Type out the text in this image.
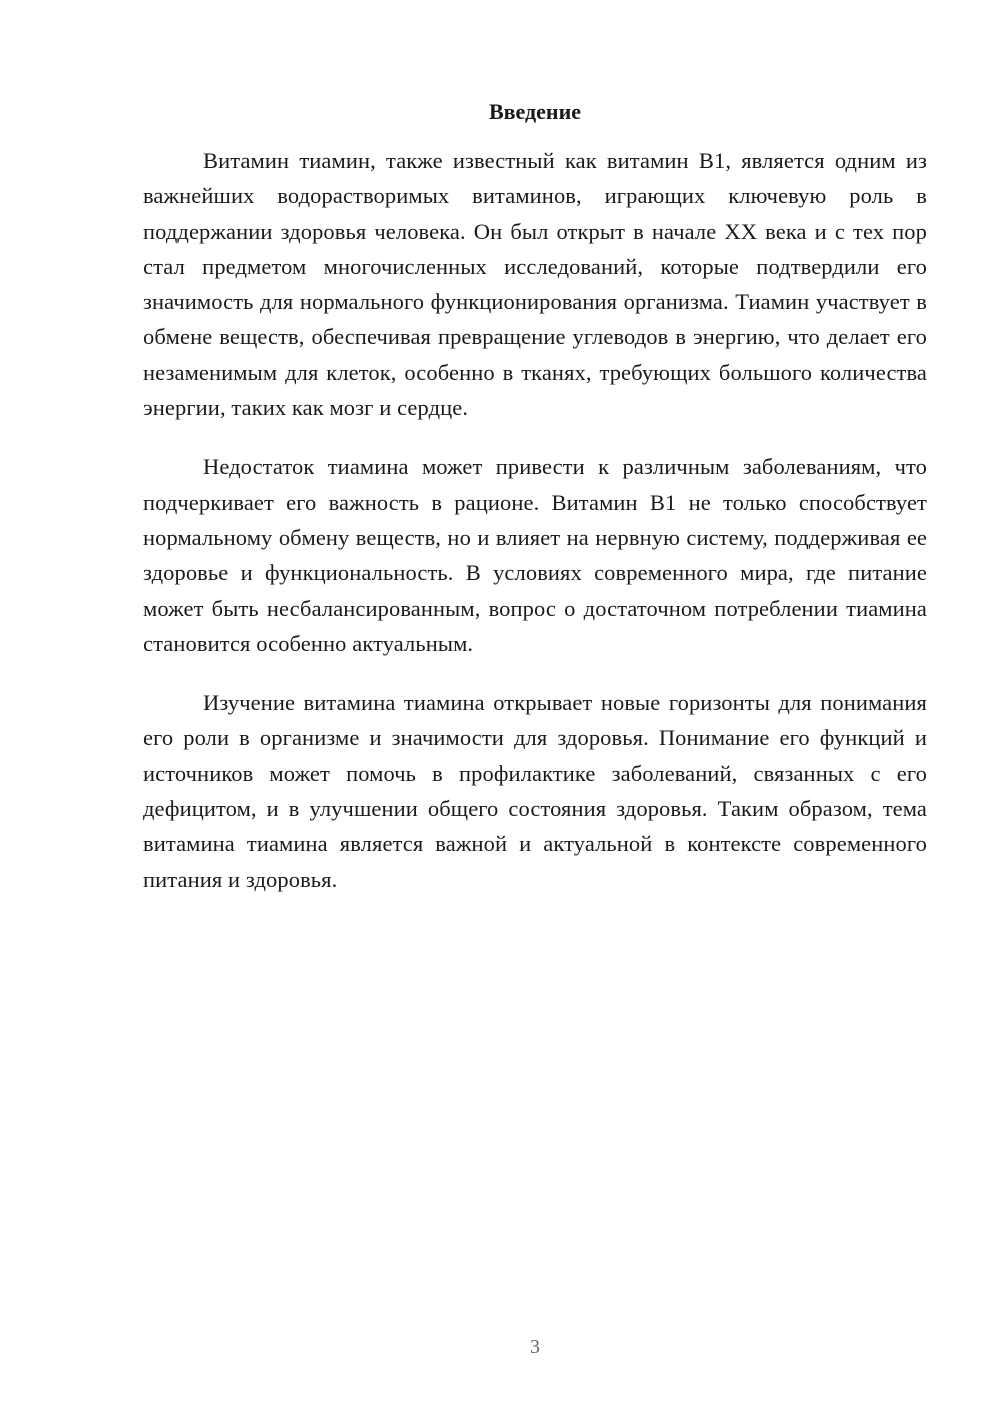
Введение

Витамин тиамин, также известный как витамин B1, является одним из важнейших водорастворимых витаминов, играющих ключевую роль в поддержании здоровья человека. Он был открыт в начале XX века и с тех пор стал предметом многочисленных исследований, которые подтвердили его значимость для нормального функционирования организма. Тиамин участвует в обмене веществ, обеспечивая превращение углеводов в энергию, что делает его незаменимым для клеток, особенно в тканях, требующих большого количества энергии, таких как мозг и сердце.

Недостаток тиамина может привести к различным заболеваниям, что подчеркивает его важность в рационе. Витамин B1 не только способствует нормальному обмену веществ, но и влияет на нервную систему, поддерживая ее здоровье и функциональность. В условиях современного мира, где питание может быть несбалансированным, вопрос о достаточном потреблении тиамина становится особенно актуальным.

Изучение витамина тиамина открывает новые горизонты для понимания его роли в организме и значимости для здоровья. Понимание его функций и источников может помочь в профилактике заболеваний, связанных с его дефицитом, и в улучшении общего состояния здоровья. Таким образом, тема витамина тиамина является важной и актуальной в контексте современного питания и здоровья.

3
